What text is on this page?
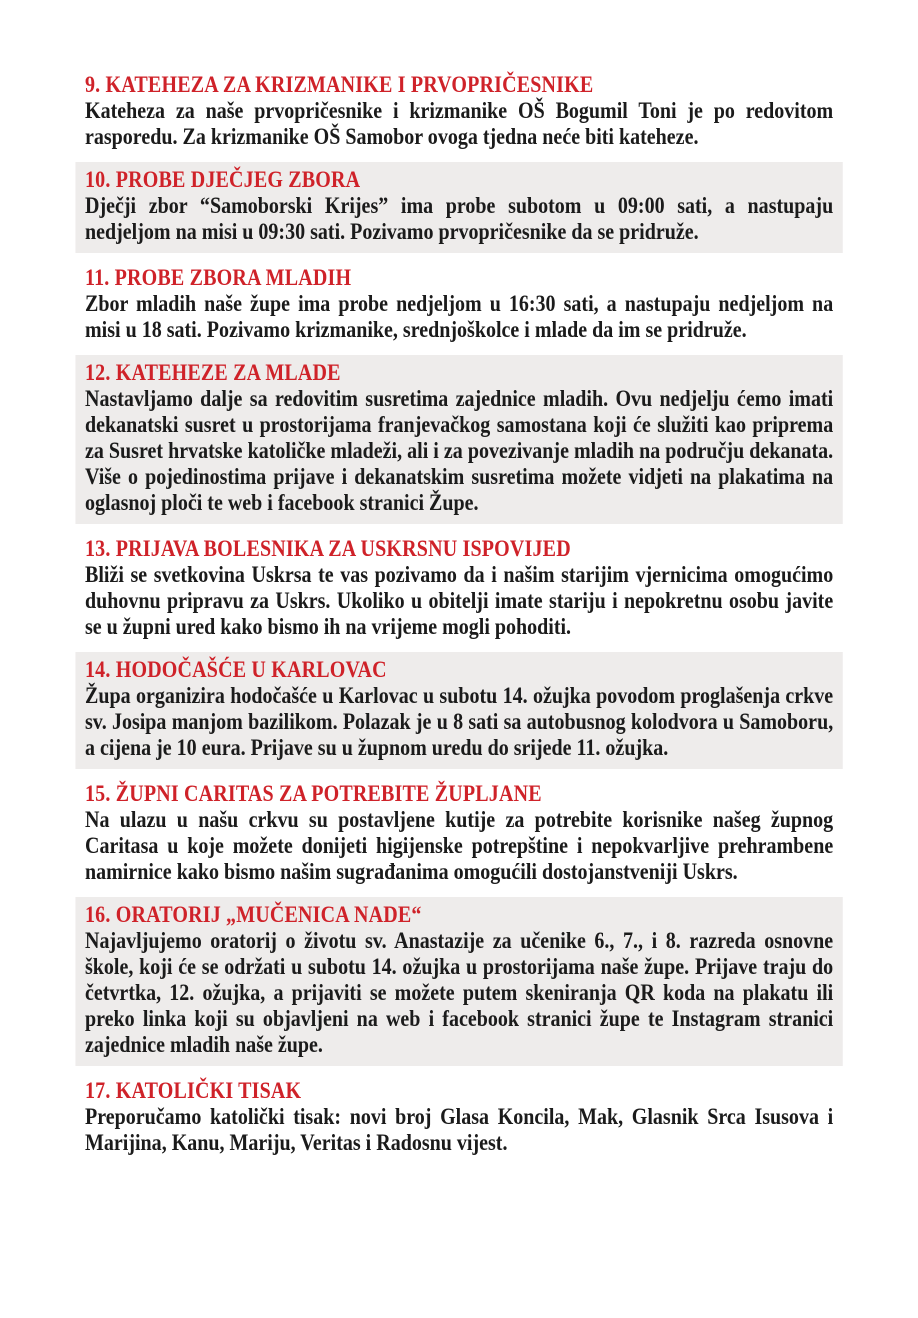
9. KATEHEZA ZA KRIZMANIKE I PRVOPRIČESNIKE

Kateheza za naše prvopričesnike i krizmanike OŠ Bogumil Toni je po redovitom rasporedu. Za krizmanike OŠ Samobor ovoga tjedna neće biti kateheze.

10. PROBE DJEČJEG ZBORA

Dječji zbor “Samoborski Krijes” ima probe subotom u 09:00 sati, a nastupaju nedjeljom na misi u 09:30 sati. Pozivamo prvopričesnike da se pridruže.

11. PROBE ZBORA MLADIH

Zbor mladih naše župe ima probe nedjeljom u 16:30 sati, a nastupaju nedjeljom na misi u 18 sati. Pozivamo krizmanike, srednjoškolce i mlade da im se pridruže.

12. KATEHEZE ZA MLADE

Nastavljamo dalje sa redovitim susretima zajednice mladih. Ovu nedjelju ćemo imati dekanatski susret u prostorijama franjevačkog samostana koji će služiti kao priprema za Susret hrvatske katoličke mladeži, ali i za povezivanje mladih na području dekanata. Više o pojedinostima prijave i dekanatskim susretima možete vidjeti na plakatima na oglasnoj ploči te web i facebook stranici Župe.

13. PRIJAVA BOLESNIKA ZA USKRSNU ISPOVIJED

Bliži se svetkovina Uskrsa te vas pozivamo da i našim starijim vjernicima omogućimo duhovnu pripravu za Uskrs. Ukoliko u obitelji imate stariju i nepokretnu osobu javite se u župni ured kako bismo ih na vrijeme mogli pohoditi.

14. HODOČAŠĆE U KARLOVAC

Župa organizira hodočašće u Karlovac u subotu 14. ožujka povodom proglašenja crkve sv. Josipa manjom bazilikom. Polazak je u 8 sati sa autobusnog kolodvora u Samoboru, a cijena je 10 eura. Prijave su u župnom uredu do srijede 11. ožujka.

15. ŽUPNI CARITAS ZA POTREBITE ŽUPLJANE

Na ulazu u našu crkvu su postavljene kutije za potrebite korisnike našeg župnog Caritasa u koje možete donijeti higijenske potrepštine i nepokvarljive prehrambene namirnice kako bismo našim sugrađanima omogućili dostojanstveniji Uskrs.

16. ORATORIJ „MUČENICA NADE“

Najavljujemo oratorij o životu sv. Anastazije za učenike 6., 7., i 8. razreda osnovne škole, koji će se održati u subotu 14. ožujka u prostorijama naše župe. Prijave traju do četvrtka, 12. ožujka, a prijaviti se možete putem skeniranja QR koda na plakatu ili preko linka koji su objavljeni na web i facebook stranici župe te Instagram stranici zajednice mladih naše župe.

17. KATOLIČKI TISAK

Preporučamo katolički tisak: novi broj Glasa Koncila, Mak, Glasnik Srca Isusova i Marijina, Kanu, Mariju, Veritas i Radosnu vijest.
